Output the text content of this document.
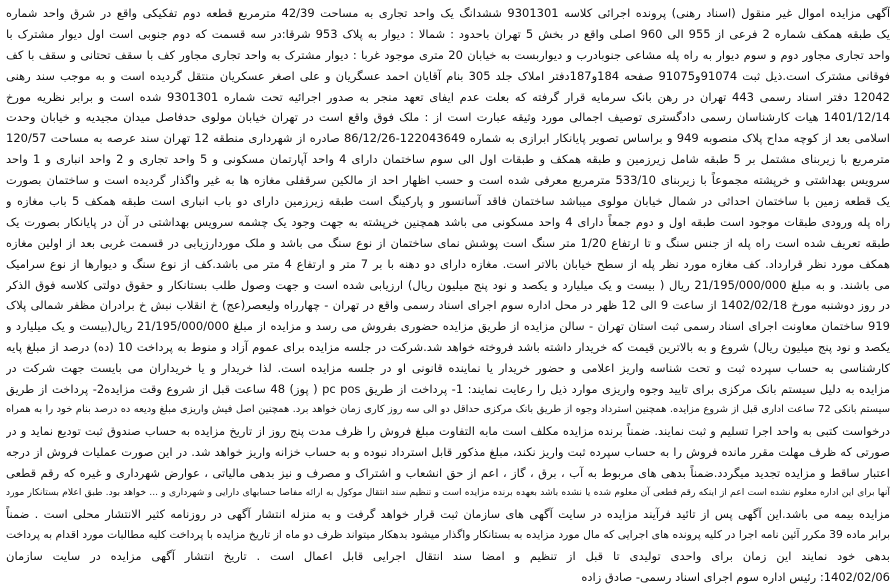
آگهی مزایده اموال غیر منقول (اسناد رهنی) پرونده اجرائی کلاسه 9301301 ششدانگ یک واحد تجاری به مساحت 42/39 مترمربع قطعه دوم تفکیکی واقع در شرق واحد شماره
یک طبقه همکف شماره 2 فرعی از 955 الی 960 اصلی واقع در بخش 5 تهران باحدود : شمالا : دیوار به پلاک 953 شرقا:در سه قسمت که دوم جنوبی است اول دیوار مشترک با
واحد تجاری مجاور دوم و سوم دیوار به راه پله مشاعی جنوبادرب و دیواربست به خیابان 20 متری موجود غربا : دیوار مشترک به واحد تجاری مجاور کف با سقف تحتانی و سقف با کف
فوقانی مشترک است.ذیل ثبت 91074و91075 صفحه 184و187دفتر املاک جلد 305 بنام آقایان احمد عسگریان و علی اصغر عسکریان منتقل گردیده است و به موجب سند رهنی
12042 دفتر اسناد رسمی 443 تهران در رهن بانک سرمایه قرار گرفته که بعلت عدم ایفای تعهد منجر به صدور اجرائیه تحت شماره 9301301 شده است و برابر نظریه مورخ
1401/12/14 هیات کارشناسان رسمی دادگستری توصیف اجمالی مورد وثیقه عبارت است از : ملک فوق واقع است در تهران خیابان مولوی حدفاصل میدان مجیدیه و خیابان وحدت
اسلامی بعد از کوچه مداح پلاک منصوبه 949 و براساس تصویر پایانکار ابرازی به شماره 122043649-86/12/26 صادره از شهرداری منطقه 12 تهران سند عرصه به مساحت 120/57
مترمربع با زیربنای مشتمل بر 5 طبقه شامل زیرزمین و طبقه همکف و طبقات اول الی سوم ساختمان دارای 4 واحد آپارتمان مسکونی و 5 واحد تجاری و 2 واحد انباری و 1 واحد
سرویس بهداشتی و خرپشته مجموعاً با زیربنای 533/10 مترمربع معرفی شده است و حسب اظهار احد از مالکین سرقفلی مغازه ها به غیر واگذار گردیده است و ساختمان بصورت
یک قطعه زمین با ساختمان احداثی در شمال خیابان مولوی میباشد ساختمان فاقد آسانسور و پارکینگ است طبقه زیرزمین دارای دو باب انباری است طبقه همکف 5 باب مغازه و
راه پله ورودی طبقات موجود است طبقه اول و دوم جمعاً دارای 4 واحد مسکونی می باشد همچنین خرپشته به جهت وجود یک چشمه سرویس بهداشتی در آن در پایانکار بصورت یک
طبقه تعریف شده است راه پله از جنس سنگ و تا ارتفاع 1/20 متر سنگ است پوشش نمای ساختمان از نوع سنگ می باشد و ملک موردارزیابی در قسمت غربی بعد از اولین مغازه
همکف مورد نظر قرارداد. کف مغازه مورد نظر پله از سطح خیابان بالاتر است. مغازه دارای دو دهنه با بر 7 متر و ارتفاع 4 متر می باشد.کف از نوع سنگ و دیوارها از نوع سرامیک
می باشند. و به مبلغ 21/195/000/000 ریال ( بیست و یک میلیارد و یکصد و نود پنج میلیون ریال) ارزیابی شده است و جهت وصول طلب بستانکار و حقوق دولتی کلاسه فوق الذکر
در روز دوشنبه مورخ 1402/02/18 از ساعت 9 الی 12 ظهر در محل اداره سوم اجرای اسناد رسمی واقع در تهران - چهارراه ولیعصر(عج) خ انقلاب نبش خ برادران مظفر شمالی پلاک
919 ساختمان معاونت اجرای اسناد رسمی ثبت استان تهران - سالن مزایده از طریق مزایده حضوری بفروش می رسد و مزایده از مبلغ 21/195/000/000 ریال(بیست و یک میلیارد و
یکصد و نود پنج میلیون ریال) شروع و به بالاترین قیمت که خریدار داشته باشد فروخته خواهد شد.شرکت در جلسه مزایده برای عموم آزاد و منوط به پرداخت 10 (ده) درصد از مبلغ پایه
کارشناسی به حساب سپرده ثبت و تحت شناسه واریز اعلامی و حضور خریدار یا نماینده قانونی او در جلسه مزایده است. لذا خریدار و یا خریداران می بایست جهت شرکت در
مزایده به دلیل سیستم بانک مرکزی برای تایید وجوه واریزی موارد ذیل را رعایت نمایند: 1- پرداخت از طریق pc pos ( پوز) 48 ساعت قبل از شروع وقت مزایده2- پرداخت از طریق
سیستم بانکی 72 ساعت اداری قبل از شروع مزایده. همچنین استرداد وجوه از طریق بانک مرکزی حداقل دو الی سه روز کاری زمان خواهد برد. همچنین اصل فیش واریزی مبلغ ودیعه ده درصد بنام خود را به همراه
درخواست کتبی به واحد اجرا تسلیم و ثبت نمایند. ضمناً برنده مزایده مکلف است مابه التفاوت مبلغ فروش را ظرف مدت پنج روز از تاریخ مزایده به حساب صندوق ثبت تودیع نماید و در
صورتی که ظرف مهلت مقرر مانده فروش را به حساب سپرده ثبت واریز نکند، مبلغ مذکور قابل استرداد نبوده و به حساب خزانه واریز خواهد شد. در این صورت عملیات فروش از درجه
اعتبار ساقط و مزایده تجدید میگردد.ضمناً بدهی های مربوط به آب ، برق ، گاز ، اعم از حق انشعاب و اشتراک و مصرف و نیز بدهی مالیاتی ، عوارض شهرداری و غیره که رقم قطعی
آنها برای این اداره معلوم نشده است اعم از اینکه رقم قطعی آن معلوم شده یا نشده باشد بعهده برنده مزایده است و تنظیم سند انتقال موکول به ارائه مفاصا حسابهای دارایی و شهرداری و ... خواهد بود. طبق اعلام بستانکار مورد
مزایده بیمه می باشد.این آگهی پس از تائید فرآیند مزایده در سایت آگهی های سازمان ثبت قرار خواهد گرفت و به منزله انتشار آگهی در روزنامه کثیر الانتشار محلی است . ضمناً
برابر ماده 39 مکرر آئین نامه اجرا در کلیه پرونده های اجرایی که مال مورد مزایده به بستانکار واگذار میشود بدهکار میتواند ظرف دو ماه از تاریخ مزایده با پرداخت کلیه مطالبات مورد اقدام به پرداخت
بدهی خود نمایند این زمان برای واحدی تولیدی تا قبل از تنظیم و امضا سند انتقال اجرایی قابل اعمال است . تاریخ انتشار آگهی مزایده در سایت سازمان
1402/02/06: رئیس اداره سوم اجرای اسناد رسمی- صادق زاده
